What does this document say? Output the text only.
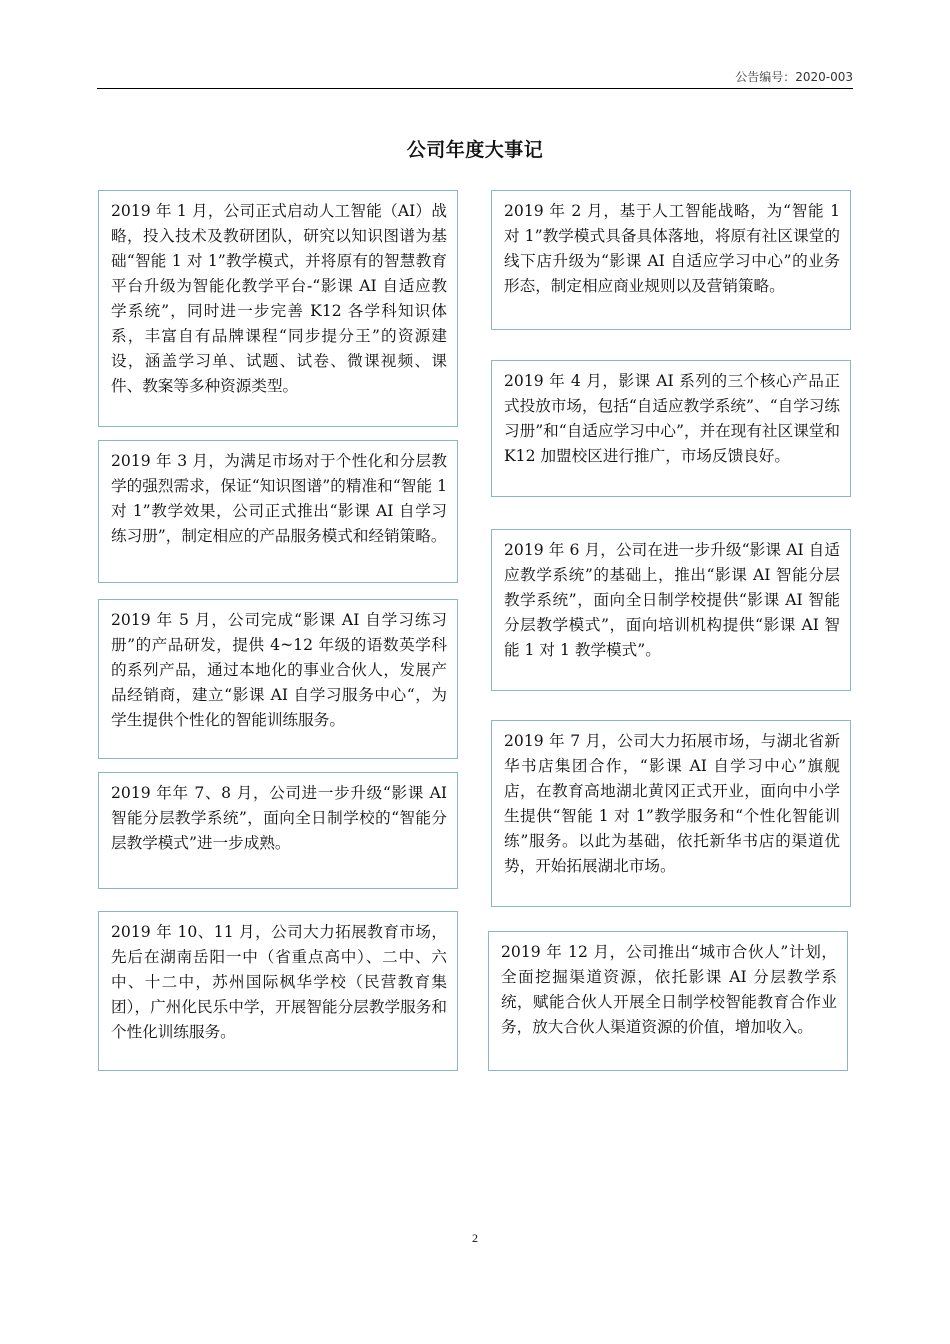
公告编号：2020-003
公司年度大事记
2019 年 1 月，公司正式启动人工智能（AI）战略，投入技术及教研团队，研究以知识图谱为基础“智能 1 对 1”教学模式，并将原有的智慧教育平台升级为智能化教学平台-“影课 AI 自适应教学系统”，同时进一步完善 K12 各学科知识体系，丰富自有品牌课程“同步提分王”的资源建设，涵盖学习单、试题、试卷、微课视频、课件、教案等多种资源类型。
2019 年 3 月，为满足市场对于个性化和分层教学的强烈需求，保证“知识图谱”的精准和“智能 1 对 1”教学效果，公司正式推出“影课 AI 自学习练习册”，制定相应的产品服务模式和经销策略。
2019 年 5 月，公司完成“影课 AI 自学习练习册”的产品研发，提供 4~12 年级的语数英学科的系列产品，通过本地化的事业合伙人，发展产品经销商，建立“影课 AI 自学习服务中心“，为学生提供个性化的智能训练服务。
2019 年年 7、8 月，公司进一步升级“影课 AI 智能分层教学系统”，面向全日制学校的“智能分层教学模式”进一步成熟。
2019 年 10、11 月，公司大力拓展教育市场，先后在湖南岳阳一中（省重点高中）、二中、六中、十二中，苏州国际枫华学校（民营教育集团），广州化民乐中学，开展智能分层教学服务和个性化训练服务。
2019 年 2 月，基于人工智能战略，为“智能 1 对 1”教学模式具备具体落地，将原有社区课堂的线下店升级为“影课 AI 自适应学习中心”的业务形态，制定相应商业规则以及营销策略。
2019 年 4 月，影课 AI 系列的三个核心产品正式投放市场，包括“自适应教学系统”、“自学习练习册”和“自适应学习中心”，并在现有社区课堂和 K12 加盟校区进行推广，市场反馈良好。
2019 年 6 月，公司在进一步升级“影课 AI 自适应教学系统”的基础上，推出“影课 AI 智能分层教学系统”，面向全日制学校提供“影课 AI 智能分层教学模式”，面向培训机构提供“影课 AI 智能 1 对 1 教学模式”。
2019 年 7 月，公司大力拓展市场，与湖北省新华书店集团合作，“影课 AI 自学习中心”旗舰店，在教育高地湖北黄冈正式开业，面向中小学生提供“智能 1 对 1”教学服务和“个性化智能训练”服务。以此为基础，依托新华书店的渠道优势，开始拓展湖北市场。
2019 年 12 月，公司推出“城市合伙人”计划，全面挖掘渠道资源，依托影课 AI 分层教学系统，赋能合伙人开展全日制学校智能教育合作业务，放大合伙人渠道资源的价值，增加收入。
2
